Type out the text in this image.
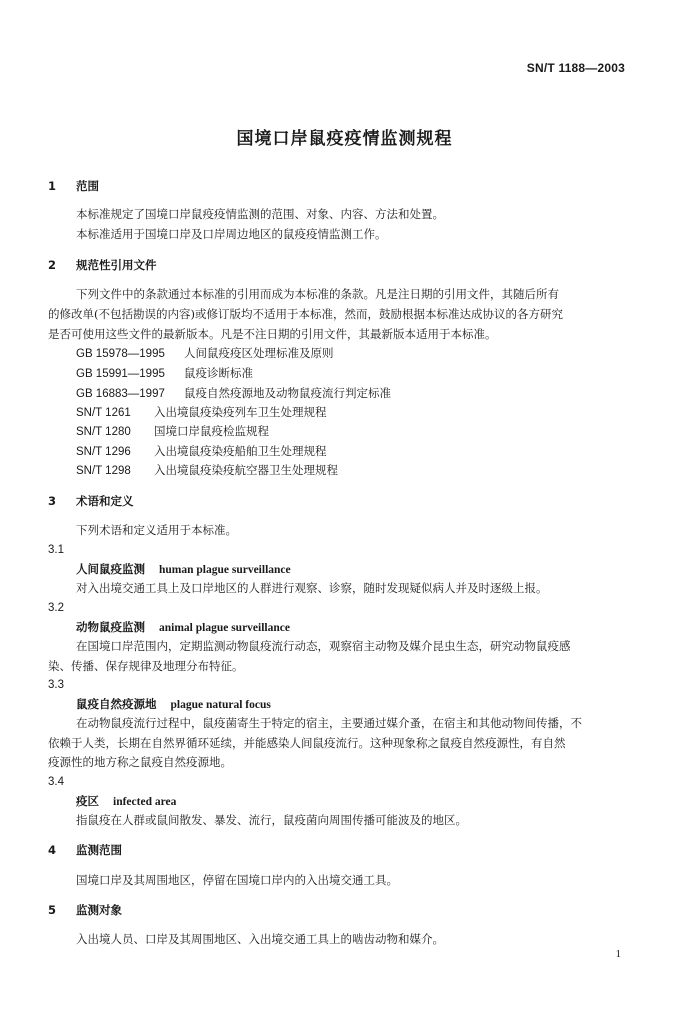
SN/T 1188—2003
国境口岸鼠疫疫情监测规程
1 范围
本标准规定了国境口岸鼠疫疫情监测的范围、对象、内容、方法和处置。
本标准适用于国境口岸及口岸周边地区的鼠疫疫情监测工作。
2 规范性引用文件
下列文件中的条款通过本标准的引用而成为本标准的条款。凡是注日期的引用文件，其随后所有
的修改单(不包括勘误的内容)或修订版均不适用于本标准，然而，鼓励根据本标准达成协议的各方研究
是否可使用这些文件的最新版本。凡是不注日期的引用文件，其最新版本适用于本标准。
GB 15978—1995 人间鼠疫疫区处理标准及原则
GB 15991—1995 鼠疫诊断标准
GB 16883—1997 鼠疫自然疫源地及动物鼠疫流行判定标准
SN/T 1261 入出境鼠疫染疫列车卫生处理规程
SN/T 1280 国境口岸鼠疫检监规程
SN/T 1296 入出境鼠疫染疫船舶卫生处理规程
SN/T 1298 入出境鼠疫染疫航空器卫生处理规程
3 术语和定义
下列术语和定义适用于本标准。
3.1
人间鼠疫监测 human plague surveillance
对入出境交通工具上及口岸地区的人群进行观察、诊察，随时发现疑似病人并及时逐级上报。
3.2
动物鼠疫监测 animal plague surveillance
在国境口岸范围内，定期监测动物鼠疫流行动态，观察宿主动物及媒介昆虫生态，研究动物鼠疫感
染、传播、保存规律及地理分布特征。
3.3
鼠疫自然疫源地 plague natural focus
在动物鼠疫流行过程中，鼠疫菌寄生于特定的宿主，主要通过媒介蚤，在宿主和其他动物间传播，不
依赖于人类，长期在自然界循环延续，并能感染人间鼠疫流行。这种现象称之鼠疫自然疫源性，有自然
疫源性的地方称之鼠疫自然疫源地。
3.4
疫区 infected area
指鼠疫在人群或鼠间散发、暴发、流行，鼠疫菌向周围传播可能波及的地区。
4 监测范围
国境口岸及其周围地区，停留在国境口岸内的入出境交通工具。
5 监测对象
入出境人员、口岸及其周围地区、入出境交通工具上的啮齿动物和媒介。
1
